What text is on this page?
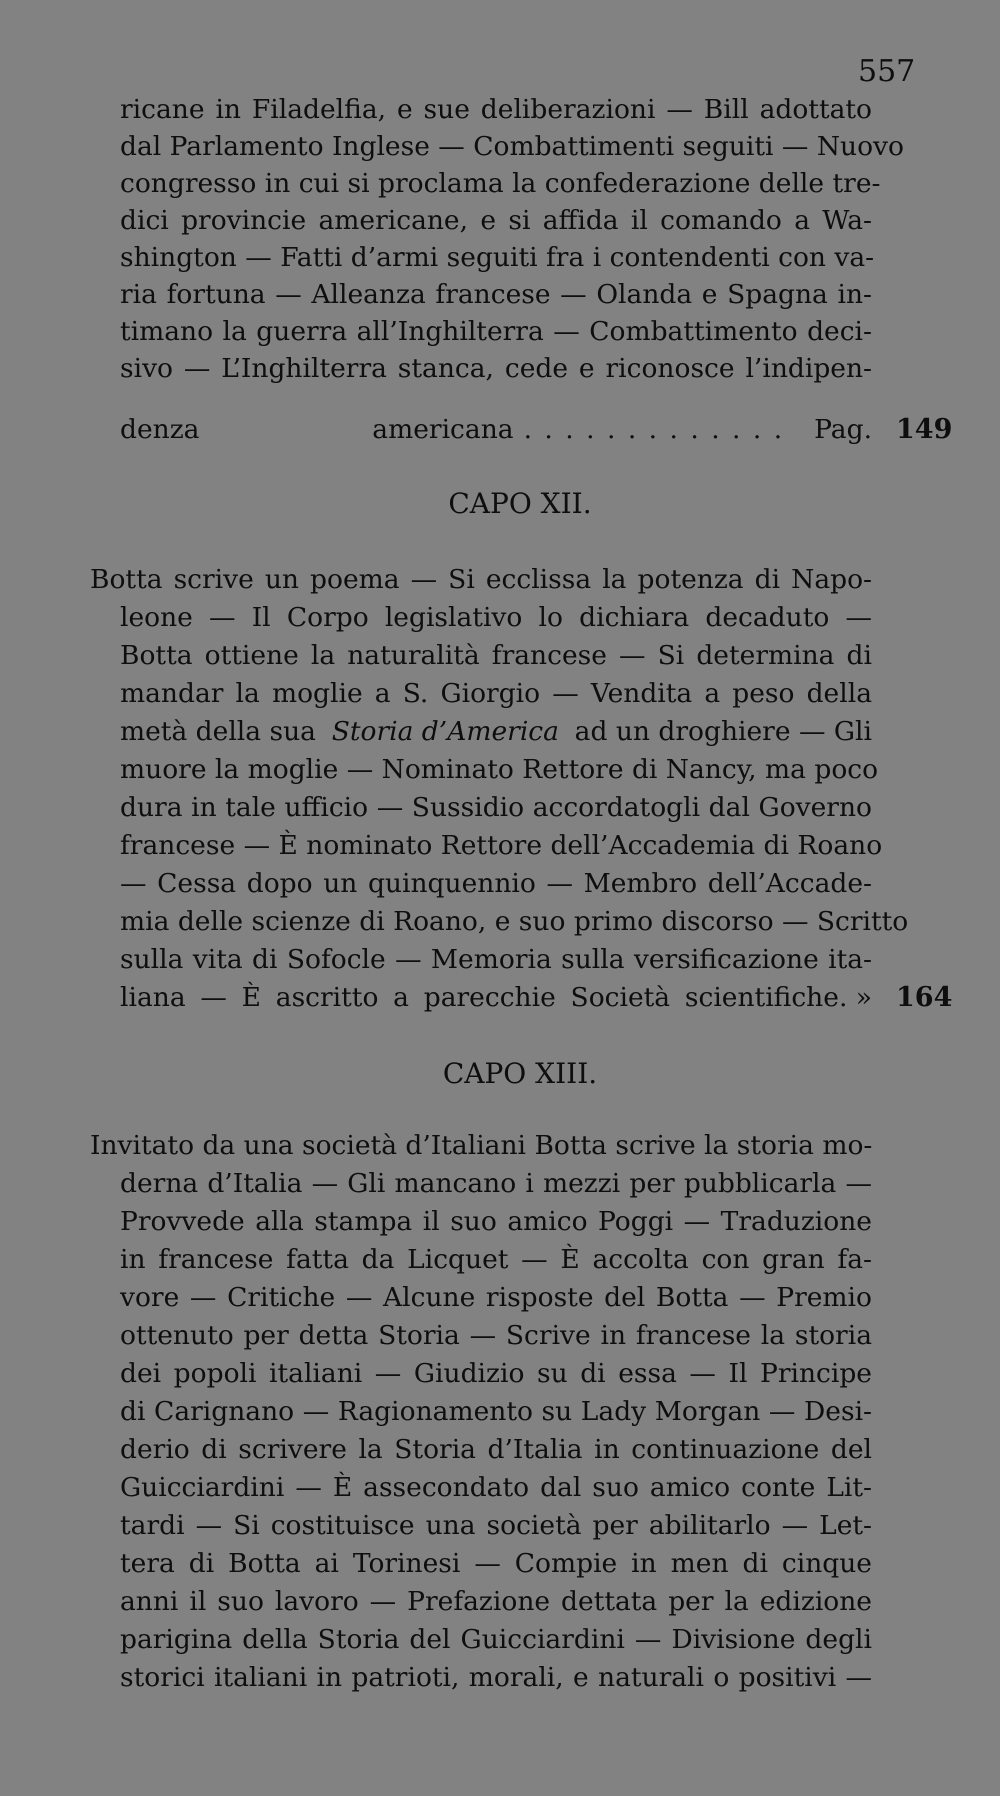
557
ricane in Filadelfia, e sue deliberazioni — Bill adottato
dal Parlamento Inglese — Combattimenti seguiti — Nuovo
congresso in cui si proclama la confederazione delle tre-
dici provincie americane, e si affida il comando a Wa-
shington — Fatti d’armi seguiti fra i contendenti con va-
ria fortuna — Alleanza francese — Olanda e Spagna in-
timano la guerra all’Inghilterra — Combattimento deci-
sivo — L’Inghilterra stanca, cede e riconosce l’indipen-
denza americana . . . . . . . . . . . . . Pag. 149
CAPO XII.
Botta scrive un poema — Si ecclissa la potenza di Napo-
leone — Il Corpo legislativo lo dichiara decaduto —
Botta ottiene la naturalità francese — Si determina di
mandar la moglie a S. Giorgio — Vendita a peso della
metà della sua Storia d’America ad un droghiere — Gli
muore la moglie — Nominato Rettore di Nancy, ma poco
dura in tale ufficio — Sussidio accordatogli dal Governo
francese — È nominato Rettore dell’Accademia di Roano
— Cessa dopo un quinquennio — Membro dell’Accade-
mia delle scienze di Roano, e suo primo discorso — Scritto
sulla vita di Sofocle — Memoria sulla versificazione ita-
liana — È ascritto a parecchie Società scientifiche . » 164
CAPO XIII.
Invitato da una società d’Italiani Botta scrive la storia mo-
derna d’Italia — Gli mancano i mezzi per pubblicarla —
Provvede alla stampa il suo amico Poggi — Traduzione
in francese fatta da Licquet — È accolta con gran fa-
vore — Critiche — Alcune risposte del Botta — Premio
ottenuto per detta Storia — Scrive in francese la storia
dei popoli italiani — Giudizio su di essa — Il Principe
di Carignano — Ragionamento su Lady Morgan — Desi-
derio di scrivere la Storia d’Italia in continuazione del
Guicciardini — È assecondato dal suo amico conte Lit-
tardi — Si costituisce una società per abilitarlo — Let-
tera di Botta ai Torinesi — Compie in men di cinque
anni il suo lavoro — Prefazione dettata per la edizione
parigina della Storia del Guicciardini — Divisione degli
storici italiani in patrioti, morali, e naturali o positivi —
